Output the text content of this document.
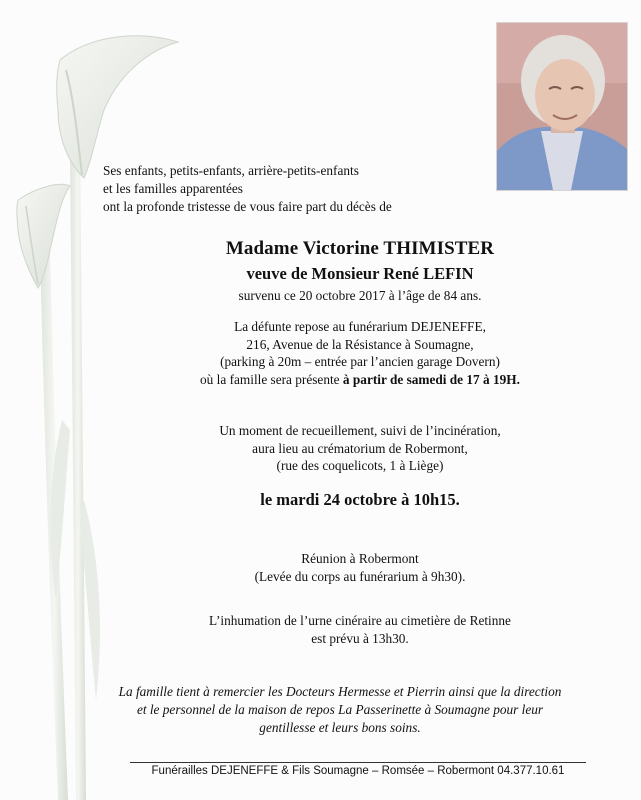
Ses enfants, petits-enfants, arrière-petits-enfants
et les familles apparentées
ont la profonde tristesse de vous faire part du décès de
Madame Victorine THIMISTER
veuve de Monsieur René LEFIN
survenu ce 20 octobre 2017 à l’âge de 84 ans.
La défunte repose au funérarium DEJENEFFE,
216, Avenue de la Résistance à Soumagne,
(parking à 20m – entrée par l’ancien garage Dovern)
où la famille sera présente à partir de samedi de 17 à 19H.
Un moment de recueillement, suivi de l’incinération,
aura lieu au crématorium de Robermont,
(rue des coquelicots, 1 à Liège)
le mardi 24 octobre à 10h15.
Réunion à Robermont
(Levée du corps au funérarium à 9h30).
L’inhumation de l’urne cinéraire au cimetière de Retinne
est prévu à 13h30.
La famille tient à remercier les Docteurs Hermesse et Pierrin ainsi que la direction
et le personnel de la maison de repos La Passerinette à Soumagne pour leur
gentillesse et leurs bons soins.
Funérailles DEJENEFFE & Fils Soumagne – Romsée – Robermont 04.377.10.61
